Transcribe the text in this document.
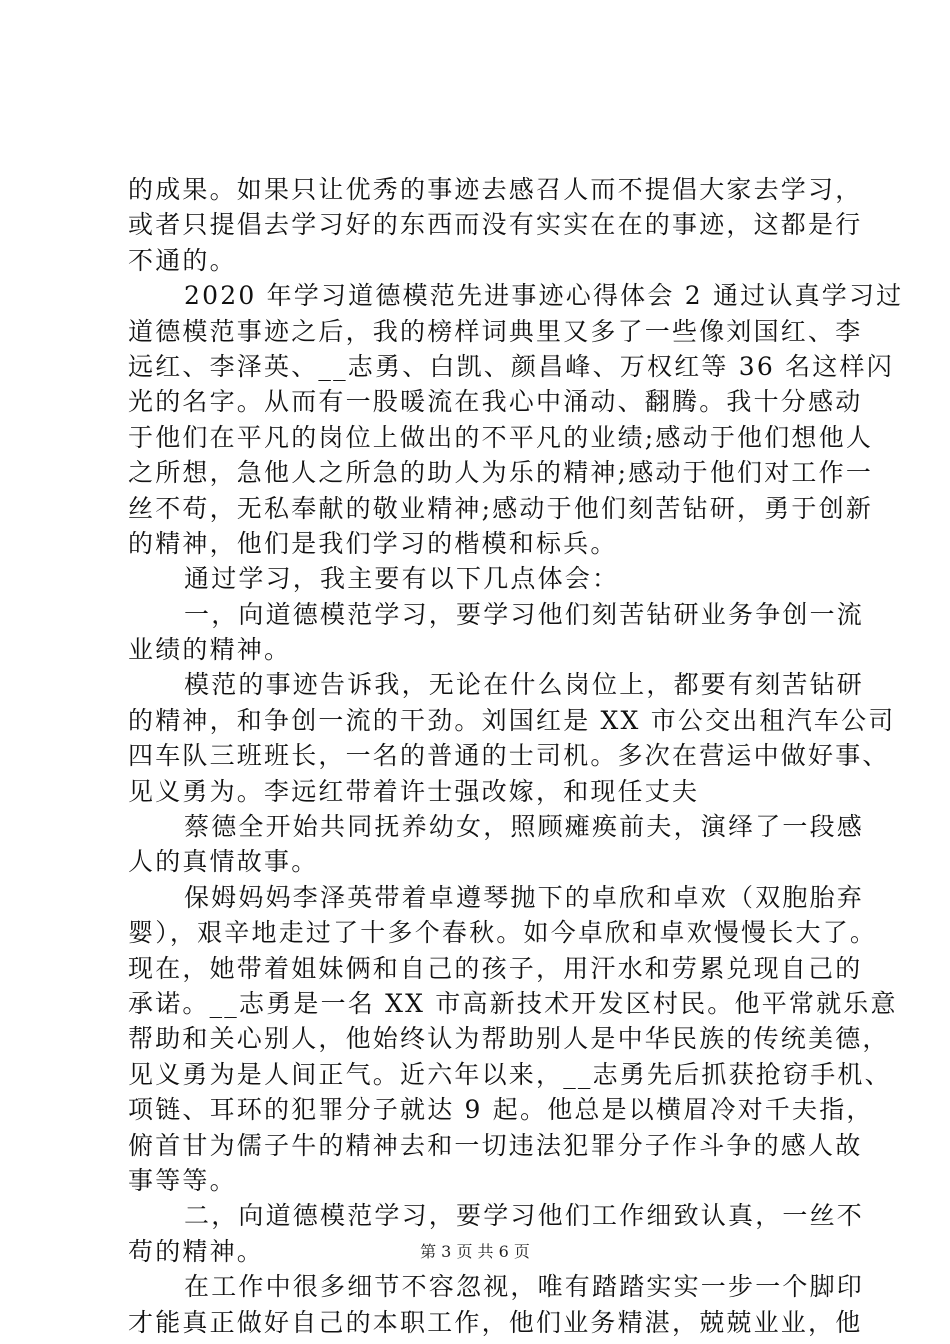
的成果。如果只让优秀的事迹去感召人而不提倡大家去学习，
或者只提倡去学习好的东西而没有实实在在的事迹，这都是行
不通的。
2020 年学习道德模范先进事迹心得体会 2 通过认真学习过
道德模范事迹之后，我的榜样词典里又多了一些像刘国红、李
远红、李泽英、__志勇、白凯、颜昌峰、万权红等 36 名这样闪
光的名字。从而有一股暖流在我心中涌动、翻腾。我十分感动
于他们在平凡的岗位上做出的不平凡的业绩;感动于他们想他人
之所想，急他人之所急的助人为乐的精神;感动于他们对工作一
丝不苟，无私奉献的敬业精神;感动于他们刻苦钻研，勇于创新
的精神，他们是我们学习的楷模和标兵。
通过学习，我主要有以下几点体会：
一，向道德模范学习，要学习他们刻苦钻研业务争创一流
业绩的精神。
模范的事迹告诉我，无论在什么岗位上，都要有刻苦钻研
的精神，和争创一流的干劲。刘国红是 XX 市公交出租汽车公司
四车队三班班长，一名的普通的士司机。多次在营运中做好事、
见义勇为。李远红带着许士强改嫁，和现任丈夫
蔡德全开始共同抚养幼女，照顾瘫痪前夫，演绎了一段感
人的真情故事。
保姆妈妈李泽英带着卓遵琴抛下的卓欣和卓欢（双胞胎弃
婴），艰辛地走过了十多个春秋。如今卓欣和卓欢慢慢长大了。
现在，她带着姐妹俩和自己的孩子，用汗水和劳累兑现自己的
承诺。__志勇是一名 XX 市高新技术开发区村民。他平常就乐意
帮助和关心别人，他始终认为帮助别人是中华民族的传统美德，
见义勇为是人间正气。近六年以来，__志勇先后抓获抢窃手机、
项链、耳环的犯罪分子就达 9 起。他总是以横眉冷对千夫指，
俯首甘为儒子牛的精神去和一切违法犯罪分子作斗争的感人故
事等等。
二，向道德模范学习，要学习他们工作细致认真，一丝不
苟的精神。
在工作中很多细节不容忽视，唯有踏踏实实一步一个脚印
才能真正做好自己的本职工作，他们业务精湛，兢兢业业，他
第 3 页 共 6 页
